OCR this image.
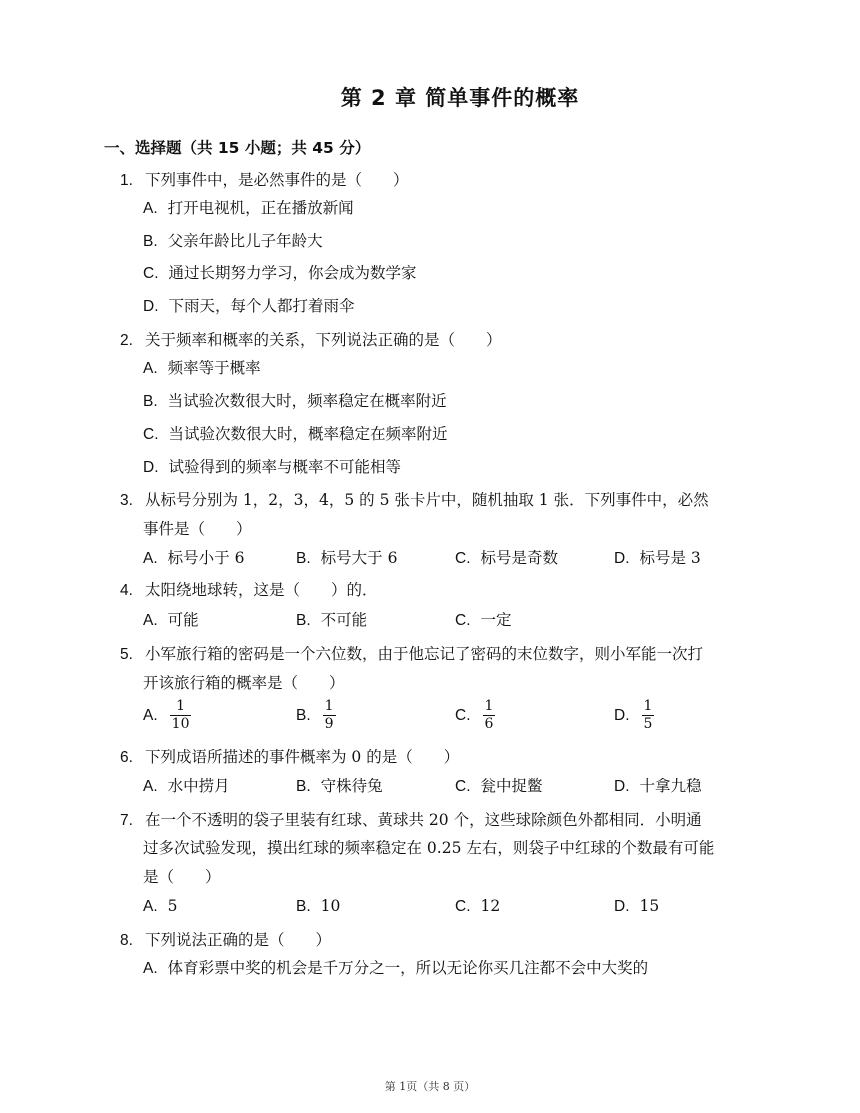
第 2 章 简单事件的概率
一、选择题（共 15 小题；共 45 分）
1. 下列事件中，是必然事件的是（　　）
A. 打开电视机，正在播放新闻
B. 父亲年龄比儿子年龄大
C. 通过长期努力学习，你会成为数学家
D. 下雨天，每个人都打着雨伞
2. 关于频率和概率的关系，下列说法正确的是（　　）
A. 频率等于概率
B. 当试验次数很大时，频率稳定在概率附近
C. 当试验次数很大时，概率稳定在频率附近
D. 试验得到的频率与概率不可能相等
3. 从标号分别为 1，2，3，4，5 的 5 张卡片中，随机抽取 1 张．下列事件中，必然
事件是（　　）
A. 标号小于 6	B. 标号大于 6	C. 标号是奇数	D. 标号是 3
4. 太阳绕地球转，这是（　　）的．
A. 可能	B. 不可能	C. 一定
5. 小军旅行箱的密码是一个六位数，由于他忘记了密码的末位数字，则小军能一次打
开该旅行箱的概率是（　　）
A. $\frac{1}{10}$	B. $\frac{1}{9}$	C. $\frac{1}{6}$	D. $\frac{1}{5}$
6. 下列成语所描述的事件概率为 0 的是（　　）
A. 水中捞月	B. 守株待兔	C. 瓮中捉鳖	D. 十拿九稳
7. 在一个不透明的袋子里装有红球、黄球共 20 个，这些球除颜色外都相同．小明通
过多次试验发现，摸出红球的频率稳定在 0.25 左右，则袋子中红球的个数最有可能
是（　　）
A. 5	B. 10	C. 12	D. 15
8. 下列说法正确的是（　　）
A. 体育彩票中奖的机会是千万分之一，所以无论你买几注都不会中大奖的
第 1页（共 8 页）
